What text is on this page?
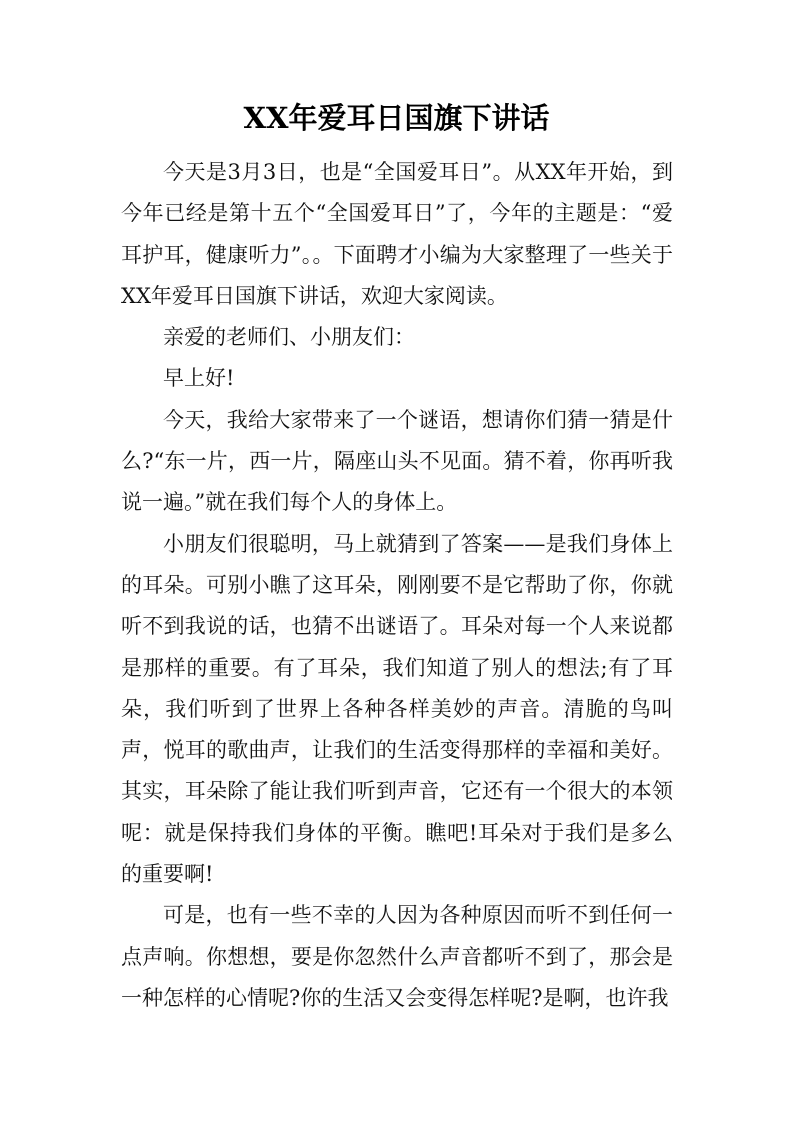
XX年爱耳日国旗下讲话

今天是3月3日，也是“全国爱耳日”。从XX年开始，到今年已经是第十五个“全国爱耳日”了，今年的主题是：“爱耳护耳，健康听力”。。下面聘才小编为大家整理了一些关于XX年爱耳日国旗下讲话，欢迎大家阅读。

亲爱的老师们、小朋友们：

早上好!

今天，我给大家带来了一个谜语，想请你们猜一猜是什么?“东一片，西一片，隔座山头不见面。猜不着，你再听我说一遍。”就在我们每个人的身体上。

小朋友们很聪明，马上就猜到了答案——是我们身体上的耳朵。可别小瞧了这耳朵，刚刚要不是它帮助了你，你就听不到我说的话，也猜不出谜语了。耳朵对每一个人来说都是那样的重要。有了耳朵，我们知道了别人的想法;有了耳朵，我们听到了世界上各种各样美妙的声音。清脆的鸟叫声，悦耳的歌曲声，让我们的生活变得那样的幸福和美好。其实，耳朵除了能让我们听到声音，它还有一个很大的本领呢：就是保持我们身体的平衡。瞧吧!耳朵对于我们是多么的重要啊!

可是，也有一些不幸的人因为各种原因而听不到任何一点声响。你想想，要是你忽然什么声音都听不到了，那会是一种怎样的心情呢?你的生活又会变得怎样呢?是啊，也许我
